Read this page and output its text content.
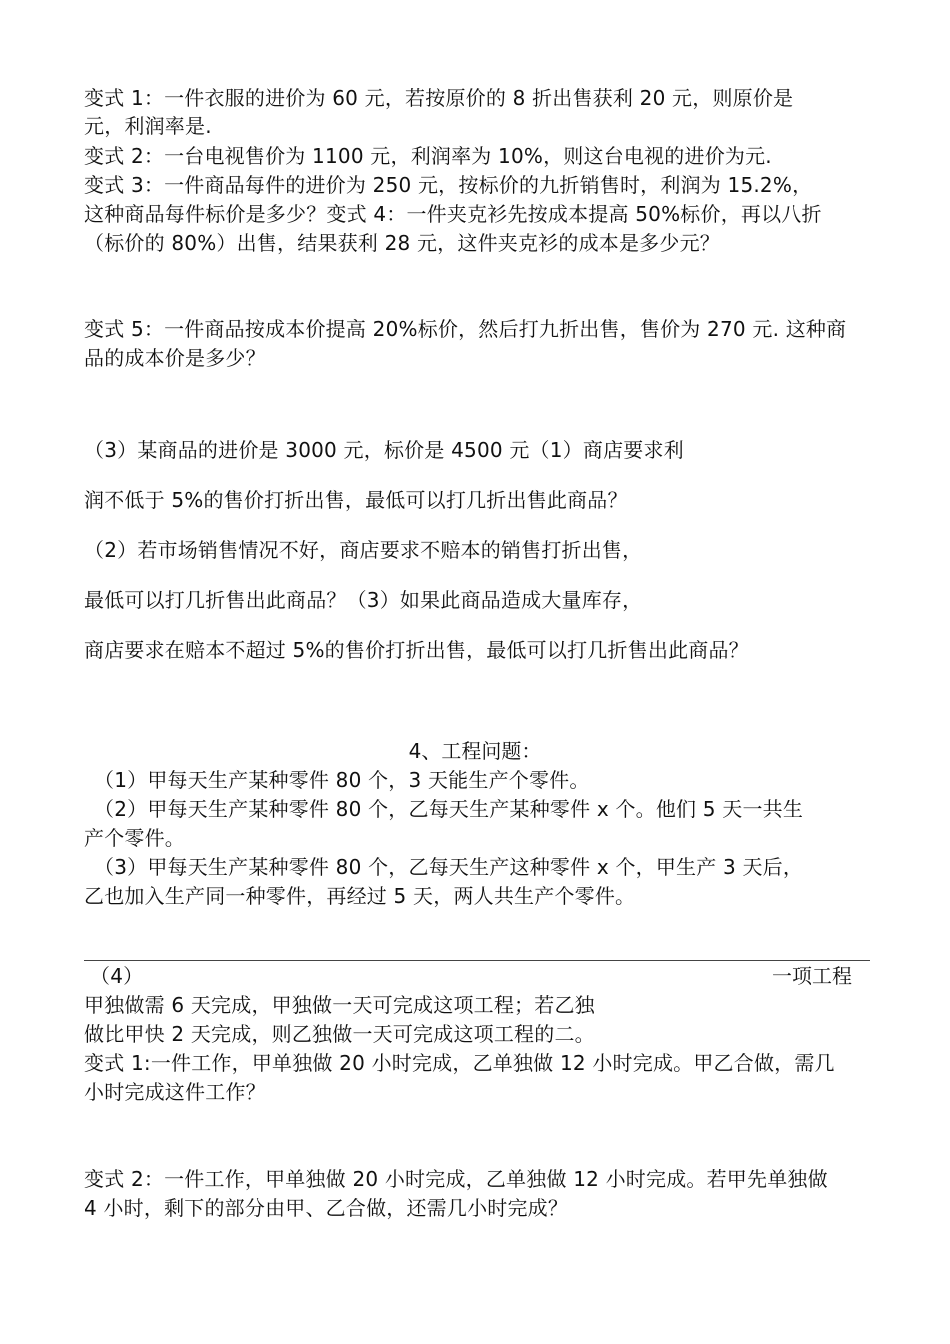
变式 1：一件衣服的进价为 60 元，若按原价的 8 折出售获利 20 元，则原价是
元，利润率是.
变式 2：一台电视售价为 1100 元，利润率为 10%，则这台电视的进价为元.
变式 3：一件商品每件的进价为 250 元，按标价的九折销售时，利润为 15.2%，
这种商品每件标价是多少？变式 4：一件夹克衫先按成本提高 50%标价，再以八折
（标价的 80%）出售，结果获利 28 元，这件夹克衫的成本是多少元？
变式 5：一件商品按成本价提高 20%标价，然后打九折出售，售价为 270 元. 这种商
品的成本价是多少？
（3）某商品的进价是 3000 元，标价是 4500 元（1）商店要求利
润不低于 5%的售价打折出售，最低可以打几折出售此商品？
（2）若市场销售情况不好，商店要求不赔本的销售打折出售，
最低可以打几折售出此商品？（3）如果此商品造成大量库存，
商店要求在赔本不超过 5%的售价打折出售，最低可以打几折售出此商品？
4、工程问题：
（1）甲每天生产某种零件 80 个，3 天能生产个零件。
（2）甲每天生产某种零件 80 个，乙每天生产某种零件 x 个。他们 5 天一共生
产个零件。
（3）甲每天生产某种零件 80 个，乙每天生产这种零件 x 个，甲生产 3 天后，
乙也加入生产同一种零件，再经过 5 天，两人共生产个零件。
（4）	一项工程
甲独做需 6 天完成，甲独做一天可完成这项工程；若乙独
做比甲快 2 天完成，则乙独做一天可完成这项工程的二。
变式 1:一件工作，甲单独做 20 小时完成，乙单独做 12 小时完成。甲乙合做，需几
小时完成这件工作？
变式 2：一件工作，甲单独做 20 小时完成，乙单独做 12 小时完成。若甲先单独做
4 小时，剩下的部分由甲、乙合做，还需几小时完成？
